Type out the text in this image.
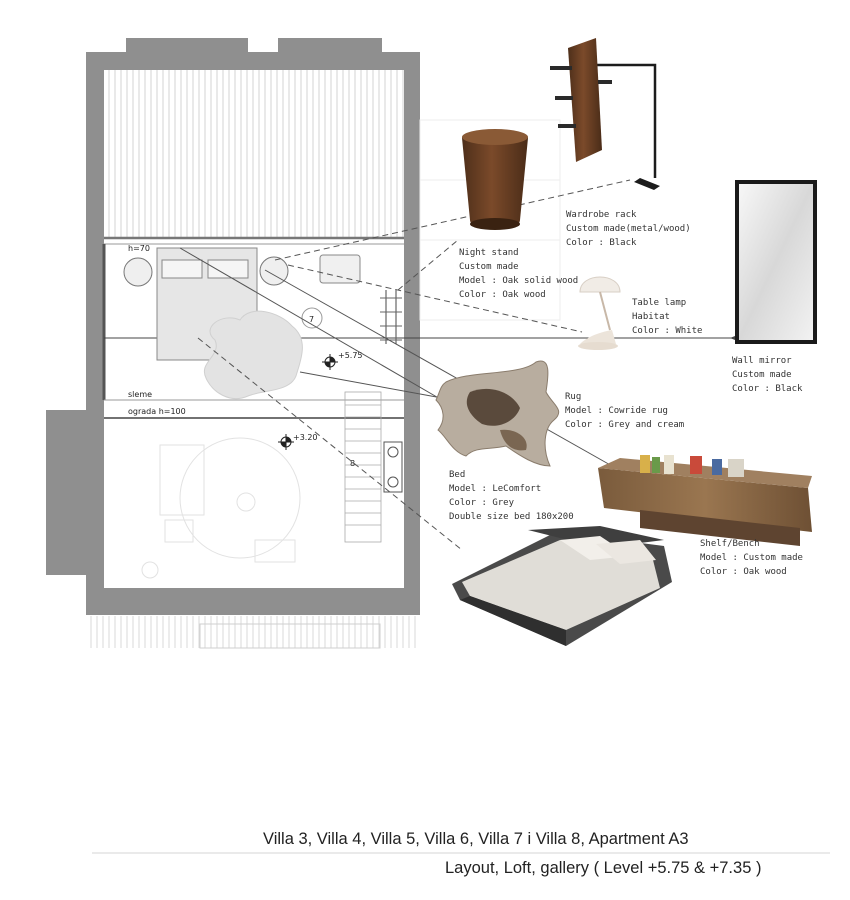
7
+5.75
+3.20
8
h=70
sleme
ograda h=100
Wardrobe rack
Custom made(metal/wood)
Color : Black
Night stand
Custom made
Model : Oak solid wood
Color : Oak wood
Table lamp
Habitat
Color : White
Wall mirror
Custom made
Color : Black
Rug
Model : Cowride rug
Color : Grey and cream
Bed
Model : LeComfort
Color : Grey
Double size bed 180x200
Shelf/Bench
Model : Custom made
Color : Oak wood
Villa 3, Villa 4, Villa 5, Villa 6, Villa 7 i Villa 8, Apartment A3
Layout, Loft, gallery ( Level +5.75 & +7.35 )
